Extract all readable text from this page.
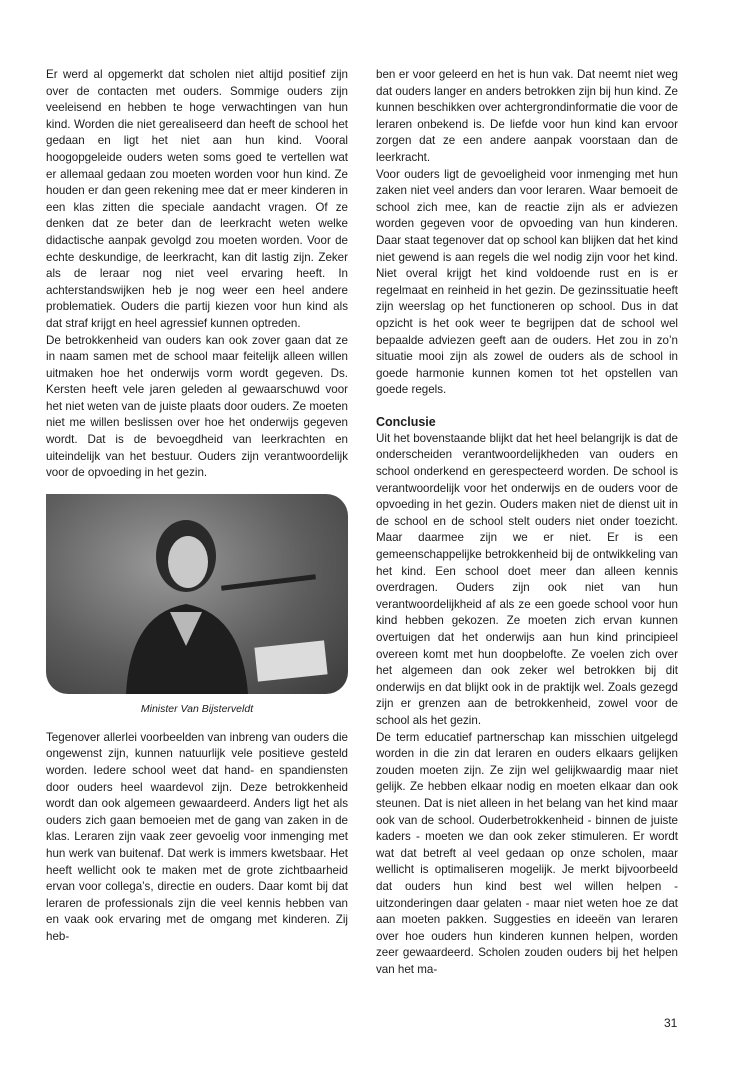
Er werd al opgemerkt dat scholen niet altijd positief zijn over de contacten met ouders. Sommige ouders zijn veeleisend en hebben te hoge verwachtingen van hun kind. Worden die niet gerealiseerd dan heeft de school het gedaan en ligt het niet aan hun kind. Vooral hoogopgeleide ouders weten soms goed te vertellen wat er allemaal gedaan zou moeten worden voor hun kind. Ze houden er dan geen rekening mee dat er meer kinderen in een klas zitten die speciale aandacht vragen. Of ze denken dat ze beter dan de leerkracht weten welke didactische aanpak gevolgd zou moeten worden. Voor de echte deskundige, de leerkracht, kan dit lastig zijn. Zeker als de leraar nog niet veel ervaring heeft. In achterstandswijken heb je nog weer een heel andere problematiek. Ouders die partij kiezen voor hun kind als dat straf krijgt en heel agressief kunnen optreden.

De betrokkenheid van ouders kan ook zover gaan dat ze in naam samen met de school maar feitelijk alleen willen uitmaken hoe het onderwijs vorm wordt gegeven. Ds. Kersten heeft vele jaren geleden al gewaarschuwd voor het niet weten van de juiste plaats door ouders. Ze moeten niet me willen beslissen over hoe het onderwijs gegeven wordt. Dat is de bevoegdheid van leerkrachten en uiteindelijk van het bestuur. Ouders zijn verantwoordelijk voor de opvoeding in het gezin.

Minister Van Bijsterveldt

Tegenover allerlei voorbeelden van inbreng van ouders die ongewenst zijn, kunnen natuurlijk vele positieve gesteld worden. Iedere school weet dat hand- en spandiensten door ouders heel waardevol zijn. Deze betrokkenheid wordt dan ook algemeen gewaardeerd. Anders ligt het als ouders zich gaan bemoeien met de gang van zaken in de klas. Leraren zijn vaak zeer gevoelig voor inmenging met hun werk van buitenaf. Dat werk is immers kwetsbaar. Het heeft wellicht ook te maken met de grote zichtbaarheid ervan voor collega’s, directie en ouders. Daar komt bij dat leraren de professionals zijn die veel kennis hebben van en vaak ook ervaring met de omgang met kinderen. Zij heb-

ben er voor geleerd en het is hun vak. Dat neemt niet weg dat ouders langer en anders betrokken zijn bij hun kind. Ze kunnen beschikken over achtergrondinformatie die voor de leraren onbekend is. De liefde voor hun kind kan ervoor zorgen dat ze een andere aanpak voorstaan dan de leerkracht.

Voor ouders ligt de gevoeligheid voor inmenging met hun zaken niet veel anders dan voor leraren. Waar bemoeit de school zich mee, kan de reactie zijn als er adviezen worden gegeven voor de opvoeding van hun kinderen. Daar staat tegenover dat op school kan blijken dat het kind niet gewend is aan regels die wel nodig zijn voor het kind. Niet overal krijgt het kind voldoende rust en is er regelmaat en reinheid in het gezin. De gezinssituatie heeft zijn weerslag op het functioneren op school. Dus in dat opzicht is het ook weer te begrijpen dat de school wel bepaalde adviezen geeft aan de ouders. Het zou in zo’n situatie mooi zijn als zowel de ouders als de school in goede harmonie kunnen komen tot het opstellen van goede regels.

Conclusie

Uit het bovenstaande blijkt dat het heel belangrijk is dat de onderscheiden verantwoordelijkheden van ouders en school onderkend en gerespecteerd worden. De school is verantwoordelijk voor het onderwijs en de ouders voor de opvoeding in het gezin. Ouders maken niet de dienst uit in de school en de school stelt ouders niet onder toezicht. Maar daarmee zijn we er niet. Er is een gemeenschappelijke betrokkenheid bij de ontwikkeling van het kind. Een school doet meer dan alleen kennis overdragen. Ouders zijn ook niet van hun verantwoordelijkheid af als ze een goede school voor hun kind hebben gekozen. Ze moeten zich ervan kunnen overtuigen dat het onderwijs aan hun kind principieel overeen komt met hun doopbelofte. Ze voelen zich over het algemeen dan ook zeker wel betrokken bij dit onderwijs en dat blijkt ook in de praktijk wel. Zoals gezegd zijn er grenzen aan de betrokkenheid, zowel voor de school als het gezin.

De term educatief partnerschap kan misschien uitgelegd worden in die zin dat leraren en ouders elkaars gelijken zouden moeten zijn. Ze zijn wel gelijkwaardig maar niet gelijk. Ze hebben elkaar nodig en moeten elkaar dan ook steunen. Dat is niet alleen in het belang van het kind maar ook van de school. Ouderbetrokkenheid - binnen de juiste kaders - moeten we dan ook zeker stimuleren. Er wordt wat dat betreft al veel gedaan op onze scholen, maar wellicht is optimaliseren mogelijk. Je merkt bijvoorbeeld dat ouders hun kind best wel willen helpen - uitzonderingen daar gelaten - maar niet weten hoe ze dat aan moeten pakken. Suggesties en ideeën van leraren over hoe ouders hun kinderen kunnen helpen, worden zeer gewaardeerd. Scholen zouden ouders bij het helpen van het ma-

31
